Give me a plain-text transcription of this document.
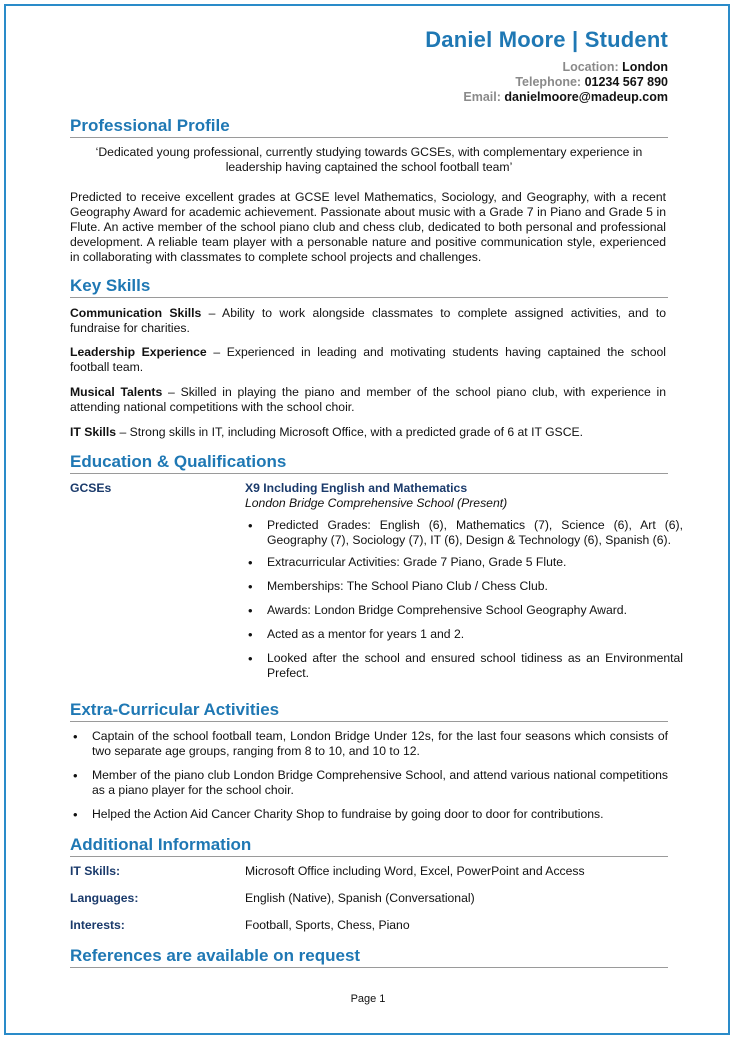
Daniel Moore | Student
Location: London
Telephone: 01234 567 890
Email: danielmoore@madeup.com
Professional Profile
‘Dedicated young professional, currently studying towards GCSEs, with complementary experience in leadership having captained the school football team’
Predicted to receive excellent grades at GCSE level Mathematics, Sociology, and Geography, with a recent Geography Award for academic achievement. Passionate about music with a Grade 7 in Piano and Grade 5 in Flute. An active member of the school piano club and chess club, dedicated to both personal and professional development. A reliable team player with a personable nature and positive communication style, experienced in collaborating with classmates to complete school projects and challenges.
Key Skills
Communication Skills – Ability to work alongside classmates to complete assigned activities, and to fundraise for charities.
Leadership Experience – Experienced in leading and motivating students having captained the school football team.
Musical Talents – Skilled in playing the piano and member of the school piano club, with experience in attending national competitions with the school choir.
IT Skills – Strong skills in IT, including Microsoft Office, with a predicted grade of 6 at IT GSCE.
Education & Qualifications
GCSEs	X9 Including English and Mathematics
London Bridge Comprehensive School (Present)
• Predicted Grades: English (6), Mathematics (7), Science (6), Art (6), Geography (7), Sociology (7), IT (6), Design & Technology (6), Spanish (6).
• Extracurricular Activities: Grade 7 Piano, Grade 5 Flute.
• Memberships: The School Piano Club / Chess Club.
• Awards: London Bridge Comprehensive School Geography Award.
• Acted as a mentor for years 1 and 2.
• Looked after the school and ensured school tidiness as an Environmental Prefect.
Extra-Curricular Activities
• Captain of the school football team, London Bridge Under 12s, for the last four seasons which consists of two separate age groups, ranging from 8 to 10, and 10 to 12.
• Member of the piano club London Bridge Comprehensive School, and attend various national competitions as a piano player for the school choir.
• Helped the Action Aid Cancer Charity Shop to fundraise by going door to door for contributions.
Additional Information
IT Skills:	Microsoft Office including Word, Excel, PowerPoint and Access
Languages:	English (Native), Spanish (Conversational)
Interests:	Football, Sports, Chess, Piano
References are available on request
Page 1
